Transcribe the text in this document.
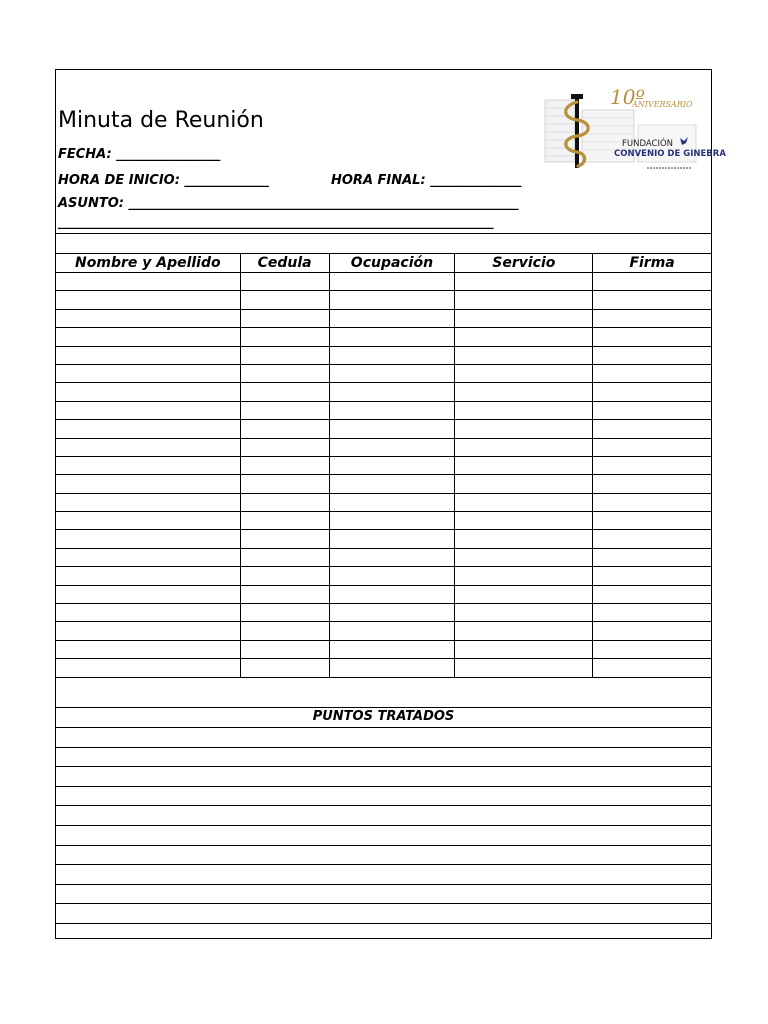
Minuta de Reunión
FECHA: ________________
HORA DE INICIO: _____________	HORA FINAL: ______________
ASUNTO: ____________________________________________________________
___________________________________________________________________
10º
ANIVERSARIO
FUNDACIÓN
CONVENIO DE GINEBRA
Nombre y Apellido	Cedula	Ocupación	Servicio	Firma

PUNTOS TRATADOS
